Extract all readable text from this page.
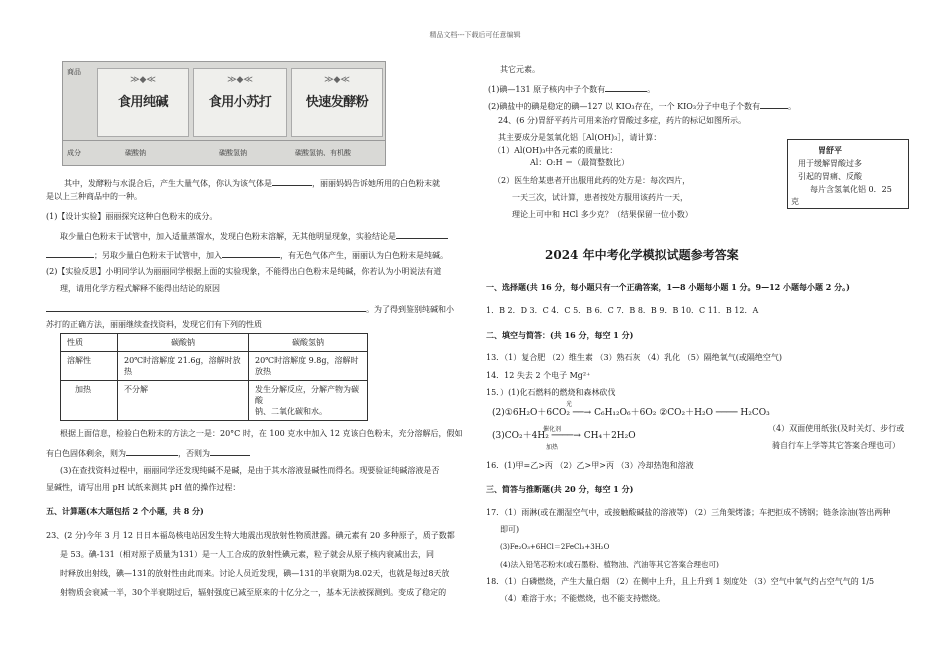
精品文档---下载后可任意编辑
商品
≫◆≪
食用纯碱
≫◆≪
食用小苏打
≫◆≪
快速发酵粉
成分	碳酸钠	碳酸氢钠	碳酸氢钠、有机酸
其中，发酵粉与水混合后，产生大量气体，你认为该气体是	，丽丽妈妈告诉她所用的白色粉末就
是以上三种商品中的一种。
(1)【设计实验】丽丽探究这种白色粉末的成分。
取少量白色粉末于试管中，加入适量蒸馏水，发现白色粉末溶解，无其他明显现象，实验结论是
；另取少量白色粉末于试管中，加入	，有无色气体产生，丽丽认为白色粉末是纯碱。
(2)【实验反思】小明同学认为丽丽同学根据上面的实验现象，不能得出白色粉末是纯碱，你若认为小明说法有道
理，请用化学方程式解释不能得出结论的原因
。为了得到鉴别纯碱和小
苏打的正确方法，丽丽继续查找资料，发现它们有下列的性质
性质	碳酸钠	碳酸氢钠
溶解性	20℃时溶解度 21.6g，溶解时放
热	20℃时溶解度 9.8g，溶解时放热
加热	不分解	发生分解反应，分解产物为碳酸
钠、二氧化碳和水。
根据上面信息，检验白色粉末的方法之一是：20°C 时，在 100 克水中加入 12 克该白色粉末，充分溶解后，假如
有白色固体剩余，则为	，否则为
(3)在查找资料过程中，丽丽同学还发现纯碱不是碱，是由于其水溶液显碱性而得名。现要验证纯碱溶液是否
显碱性，请写出用 pH 试纸来测其 pH 值的操作过程：
五、计算题(本大题包括 2 个小题，共 8 分)
23、(2 分)今年 3 月 12 日日本福岛核电站因发生特大地震出现放射性物质泄露。碘元素有 20 多种原子，质子数都
是 53。碘-131（相对原子质量为131）是一人工合成的放射性碘元素，粒子就会从原子核内衰减出去，同
时释放出射线，碘—131的放射性由此而来。讨论人员近发现，碘—131的半衰期为8.02天，也就是每过8天放
射物质会衰减一半，30个半衰期过后，辐射强度已减至原来的十亿分之一，基本无法被探测到。变成了稳定的
其它元素。
(1)碘—131 原子核内中子个数有	。
(2)碘盐中的碘是稳定的碘—127 以 KIO₃存在，一个 KIO₃分子中电子个数有	。
24、(6 分)胃舒平药片可用来治疗胃酸过多症，药片的标记如图所示。
其主要成分是氢氧化铝［Al(OH)₃］，请计算：
（1）Al(OH)₃中各元素的质量比：
Al：O:H ＝（最简整数比）
（2）医生给某患者开出服用此药的处方是：每次四片，
一天三次，试计算，患者按处方服用该药片一天，
理论上可中和 HCl 多少克？（结果保留一位小数）
胃舒平
用于缓解胃酸过多
引起的胃痛、反酸
每片含氢氧化铝 0．25
克
2024 年中考化学模拟试题参考答案
一、选择题(共 16 分，每小题只有一个正确答案，1—8 小题每小题 1 分。9—12 小题每小题 2 分。)
1．B 2．D 3．C 4．C 5．B 6．C 7．B 8．B 9．B 10．C 11．B 12．A
二、填空与简答：(共 16 分，每空 1 分)
13．（1）复合肥 （2）维生素 （3）熟石灰 （4）乳化 （5）隔绝氧气(或隔绝空气)
14．12 失去 2 个电子 Mg²⁺
15．）(1)化石燃料的燃烧和森林砍伐
光
(2)①6H₂O＋6CO₂ ──→ C₆H₁₂O₆＋6O₂ ②CO₂＋H₂O ──── H₂CO₃
催化剂
(3)CO₂＋4H₂ ────→ CH₄＋2H₂O
加热
（4）双面使用纸张(及时关灯、步行或
骑自行车上学等其它答案合理也可）
16．(1)甲=乙>丙 （2）乙>甲>丙 （3）冷却热饱和溶液
三、简答与推断题(共 20 分，每空 1 分)
17．（1）雨淋(或在潮湿空气中，或接触酸碱盐的溶液等) （2）三角架烤漆；车把拒成不锈钢；链条涂油(答出两种
即可)
(3)Fe₂O₃+6HCl＝2FeCl₃+3H₂O
(4)法入铅笔芯粉末(或石墨粉、植物油、汽油等其它答案合理也可)
18．（1）白磷燃烧，产生大量白烟 （2）在侧中上升，且上升到 1 刻度处 （3）空气中氧气约占空气气的 1/5
（4）难溶于水；不能燃烧，也不能支持燃烧。
